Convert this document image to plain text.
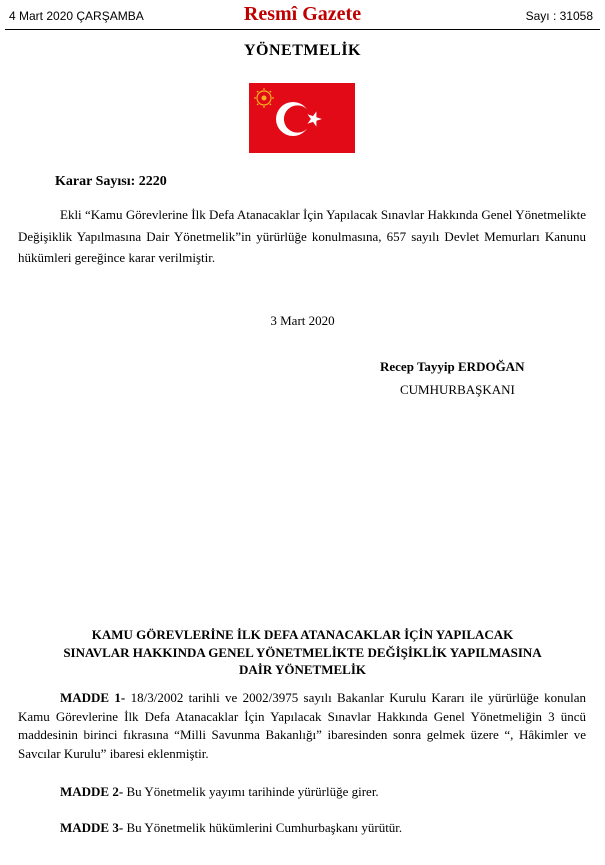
4 Mart 2020 ÇARŞAMBA	Resmî Gazete	Sayı : 31058
YÖNETMELİK
Karar Sayısı: 2220
Ekli “Kamu Görevlerine İlk Defa Atanacaklar İçin Yapılacak Sınavlar Hakkında Genel Yönetmelikte Değişiklik Yapılmasına Dair Yönetmelik”in yürürlüğe konulmasına, 657 sayılı Devlet Memurları Kanunu hükümleri gereğince karar verilmiştir.
3 Mart 2020
Recep Tayyip ERDOĞAN
CUMHURBAŞKANI
KAMU GÖREVLERİNE İLK DEFA ATANACAKLAR İÇİN YAPILACAK
SINAVLAR HAKKINDA GENEL YÖNETMELİKTE DEĞİŞİKLİK YAPILMASINA
DAİR YÖNETMELİK
MADDE 1- 18/3/2002 tarihli ve 2002/3975 sayılı Bakanlar Kurulu Kararı ile yürürlüğe konulan Kamu Görevlerine İlk Defa Atanacaklar İçin Yapılacak Sınavlar Hakkında Genel Yönetmeliğin 3 üncü maddesinin birinci fıkrasına “Milli Savunma Bakanlığı” ibaresinden sonra gelmek üzere “, Hâkimler ve Savcılar Kurulu” ibaresi eklenmiştir.
MADDE 2- Bu Yönetmelik yayımı tarihinde yürürlüğe girer.
MADDE 3- Bu Yönetmelik hükümlerini Cumhurbaşkanı yürütür.
